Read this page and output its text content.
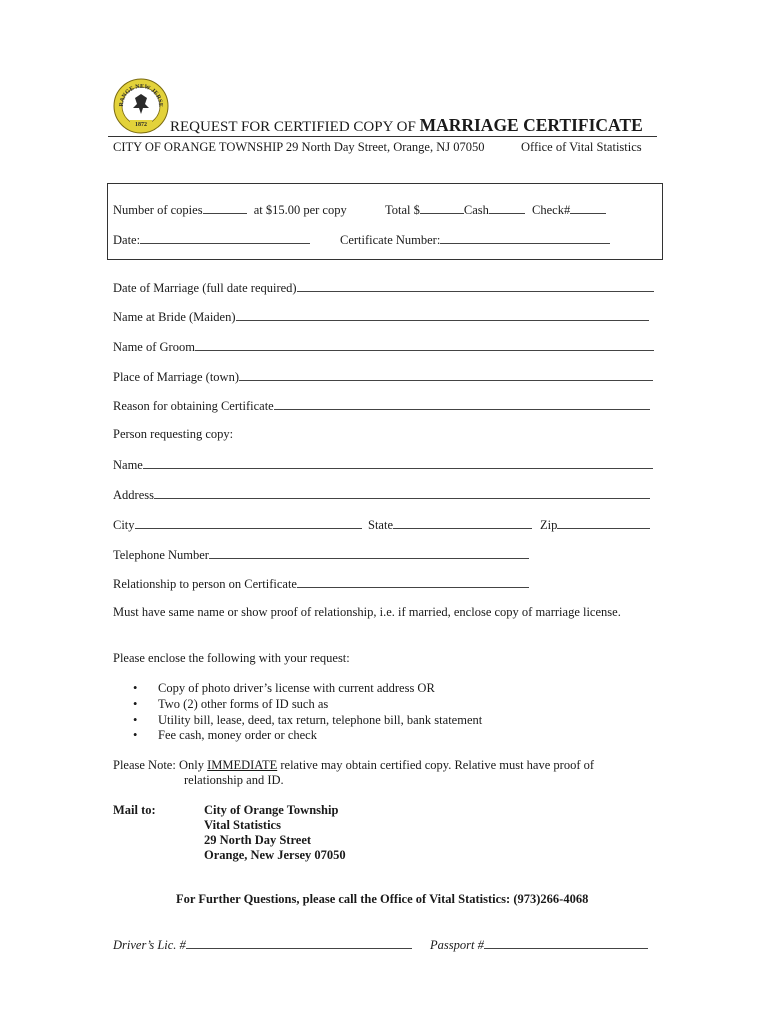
RANGE NEW JERSE
1872 REQUEST FOR CERTIFIED COPY OF MARRIAGE CERTIFICATE
CITY OF ORANGE TOWNSHIP 29 North Day Street, Orange, NJ 07050	Office of Vital Statistics
Number of copies	at $15.00 per copy	Total $	Cash	Check#
Date:	Certificate Number:
Date of Marriage (full date required)
Name at Bride (Maiden)
Name of Groom
Place of Marriage (town)
Reason for obtaining Certificate
Person requesting copy:
Name
Address
City	State	Zip
Telephone Number
Relationship to person on Certificate
Must have same name or show proof of relationship, i.e. if married, enclose copy of marriage license.
Please enclose the following with your request:
• Copy of photo driver’s license with current address OR
• Two (2) other forms of ID such as
• Utility bill, lease, deed, tax return, telephone bill, bank statement
• Fee cash, money order or check
Please Note: Only IMMEDIATE relative may obtain certified copy. Relative must have proof of
relationship and ID.
Mail to:	City of Orange Township
Vital Statistics
29 North Day Street
Orange, New Jersey 07050
For Further Questions, please call the Office of Vital Statistics: (973)266-4068
Driver’s Lic. #	Passport #
